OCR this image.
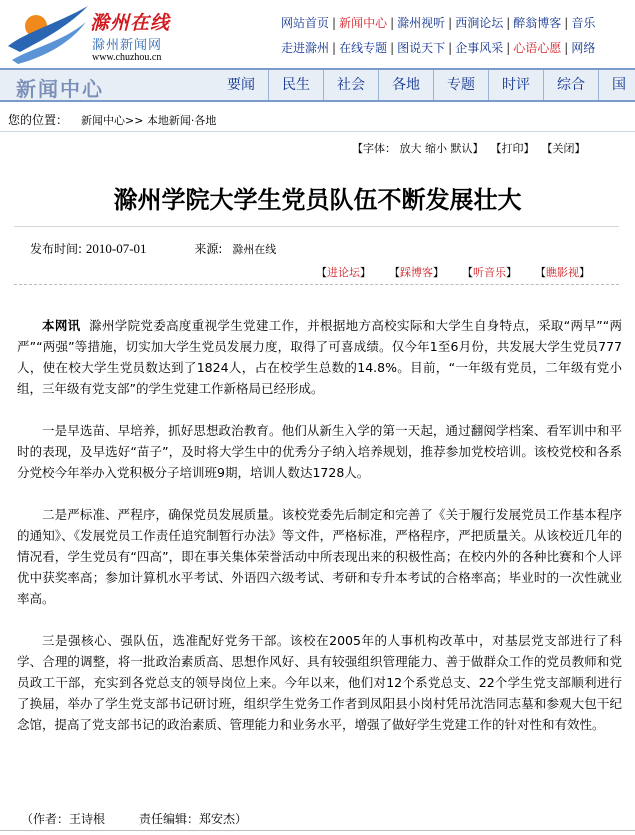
滁州在线
滁州新闻网
www.chuzhou.cn
网站首页 | 新闻中心 | 滁州视听 | 西涧论坛 | 醉翁博客 | 音乐
走进滁州 | 在线专题 | 图说天下 | 企事风采 | 心语心愿 | 网络
新闻中心	要闻	民生	社会	各地	专题	时评	综合	国
您的位置： 新闻中心>> 本地新闻·各地
【字体： 放大 缩小 默认】 【打印】 【关闭】
滁州学院大学生党员队伍不断发展壮大
发布时间: 2010-07-01	来源: 滁州在线
【进论坛】 【踩博客】 【听音乐】 【瞧影视】

本网讯 滁州学院党委高度重视学生党建工作，并根据地方高校实际和大学生自身特点，采取“两早”“两严”“两强”等措施，切实加大学生党员发展力度，取得了可喜成绩。仅今年1至6月份，共发展大学生党员777人，使在校大学生党员数达到了1824人，占在校学生总数的14.8%。目前，“一年级有党员，二年级有党小组，三年级有党支部”的学生党建工作新格局已经形成。

一是早选苗、早培养，抓好思想政治教育。他们从新生入学的第一天起，通过翻阅学档案、看军训中和平时的表现，及早选好“苗子”，及时将大学生中的优秀分子纳入培养规划，推荐参加党校培训。该校党校和各系分党校今年举办入党积极分子培训班9期，培训人数达1728人。

二是严标准、严程序，确保党员发展质量。该校党委先后制定和完善了《关于履行发展党员工作基本程序的通知》、《发展党员工作责任追究制暂行办法》等文件，严格标准，严格程序，严把质量关。从该校近几年的情况看，学生党员有“四高”，即在事关集体荣誉活动中所表现出来的积极性高；在校内外的各种比赛和个人评优中获奖率高；参加计算机水平考试、外语四六级考试、考研和专升本考试的合格率高；毕业时的一次性就业率高。

三是强核心、强队伍，选准配好党务干部。该校在2005年的人事机构改革中，对基层党支部进行了科学、合理的调整，将一批政治素质高、思想作风好、具有较强组织管理能力、善于做群众工作的党员教师和党员政工干部，充实到各党总支的领导岗位上来。今年以来，他们对12个系党总支、22个学生党支部顺利进行了换届，举办了学生党支部书记研讨班，组织学生党务工作者到凤阳县小岗村凭吊沈浩同志墓和参观大包干纪念馆，提高了党支部书记的政治素质、管理能力和业务水平，增强了做好学生党建工作的针对性和有效性。

（作者：王诗根	责任编辑：郑安杰）
